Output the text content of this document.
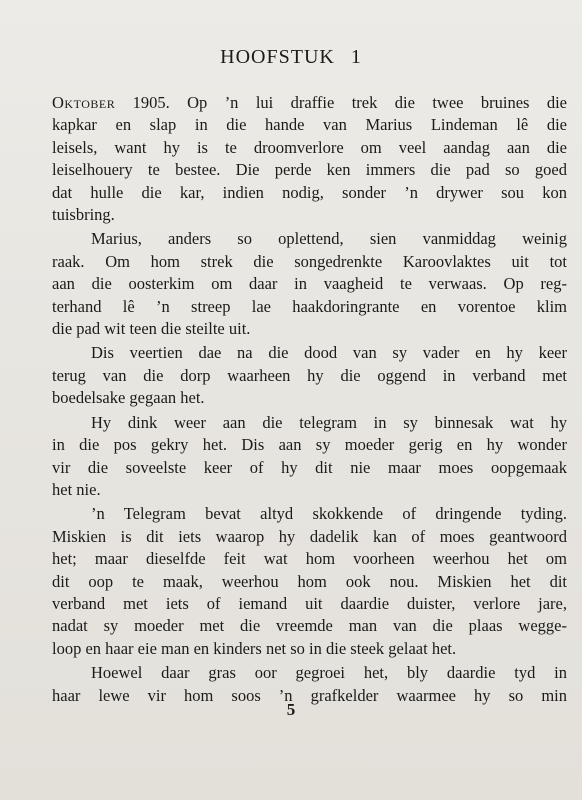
HOOFSTUK 1
Oktober 1905. Op ’n lui draffie trek die twee bruines die
kapkar en slap in die hande van Marius Lindeman lê die
leisels, want hy is te droomverlore om veel aandag aan die
leiselhouery te bestee. Die perde ken immers die pad so goed
dat hulle die kar, indien nodig, sonder ’n drywer sou kon
tuisbring.
Marius, anders so oplettend, sien vanmiddag weinig
raak. Om hom strek die songedrenkte Karoovlaktes uit tot
aan die oosterkim om daar in vaagheid te verwaas. Op reg-
terhand lê ’n streep lae haakdoringrante en vorentoe klim
die pad wit teen die steilte uit.
Dis veertien dae na die dood van sy vader en hy keer
terug van die dorp waarheen hy die oggend in verband met
boedelsake gegaan het.
Hy dink weer aan die telegram in sy binnesak wat hy
in die pos gekry het. Dis aan sy moeder gerig en hy wonder
vir die soveelste keer of hy dit nie maar moes oopgemaak
het nie.
’n Telegram bevat altyd skokkende of dringende tyding.
Miskien is dit iets waarop hy dadelik kan of moes geantwoord
het; maar dieselfde feit wat hom voorheen weerhou het om
dit oop te maak, weerhou hom ook nou. Miskien het dit
verband met iets of iemand uit daardie duister, verlore jare,
nadat sy moeder met die vreemde man van die plaas wegge-
loop en haar eie man en kinders net so in die steek gelaat het.
Hoewel daar gras oor gegroei het, bly daardie tyd in
haar lewe vir hom soos ’n grafkelder waarmee hy so min
5
